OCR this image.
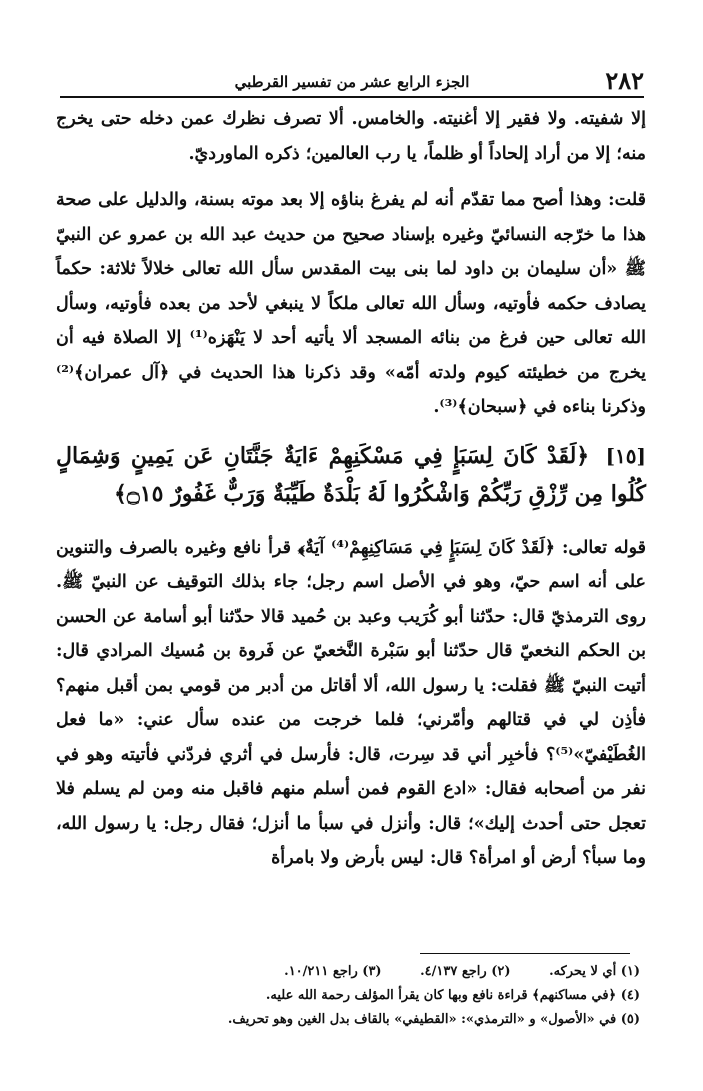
٢٨٢
الجزء الرابع عشر من تفسير القرطبي

إلا شفيته. ولا فقير إلا أغنيته. والخامس. ألا تصرف نظرك عمن دخله حتى يخرج منه؛ إلا من أراد إلحاداً أو ظلماً، يا رب العالمين؛ ذكره الماورديّ.

قلت: وهذا أصح مما تقدّم أنه لم يفرغ بناؤه إلا بعد موته بسنة، والدليل على صحة هذا ما خرّجه النسائيّ وغيره بإسناد صحيح من حديث عبد الله بن عمرو عن النبيّ ﷺ «أن سليمان بن داود لما بنى بيت المقدس سأل الله تعالى خلالاً ثلاثة: حكماً يصادف حكمه فأوتيه، وسأل الله تعالى ملكاً لا ينبغي لأحد من بعده فأوتيه، وسأل الله تعالى حين فرغ من بنائه المسجد ألا يأتيه أحد لا يَنْهَزه⁽¹⁾ إلا الصلاة فيه أن يخرج من خطيئته كيوم ولدته أمّه» وقد ذكرنا هذا الحديث في ﴿آل عمران﴾⁽²⁾ وذكرنا بناءه في ﴿سبحان﴾⁽³⁾.

[١٥] ﴿لَقَدْ كَانَ لِسَبَإٍ فِي مَسْكَنِهِمْ ءَايَةٌ جَنَّتَانِ عَن يَمِينٍ وَشِمَالٍ كُلُوا مِن رِّزْقِ رَبِّكُمْ وَاشْكُرُوا لَهُ بَلْدَةٌ طَيِّبَةٌ وَرَبٌّ غَفُورٌ ۝١٥﴾

قوله تعالى: ﴿لَقَدْ كَانَ لِسَبَإٍ فِي مَسَاكِنِهِمْ⁽⁴⁾ آيَةٌ﴾ قرأ نافع وغيره بالصرف والتنوين على أنه اسم حيّ، وهو في الأصل اسم رجل؛ جاء بذلك التوقيف عن النبيّ ﷺ. روى الترمذيّ قال: حدّثنا أبو كُرَيب وعبد بن حُميد قالا حدّثنا أبو أسامة عن الحسن بن الحكم النخعيّ قال حدّثنا أبو سَبْرة النَّخعيّ عن فَروة بن مُسيك المرادي قال: أتيت النبيّ ﷺ فقلت: يا رسول الله، ألا أقاتل من أدبر من قومي بمن أقبل منهم؟ فأذِن لي في قتالهم وأمّرني؛ فلما خرجت من عنده سأل عني: «ما فعل الغُطَيْفيّ»⁽⁵⁾؟ فأخبِر أني قد سِرت، قال: فأرسل في أثري فردّني فأتيته وهو في نفر من أصحابه فقال: «ادع القوم فمن أسلم منهم فاقبل منه ومن لم يسلم فلا تعجل حتى أحدث إليك»؛ قال: وأنزل في سبأ ما أنزل؛ فقال رجل: يا رسول الله، وما سبأ؟ أرض أو امرأة؟ قال: ليس بأرض ولا بامرأة

(١) أي لا يحركه. (٢) راجع ٤/١٣٧. (٣) راجع ١٠/٢١١.
(٤) ﴿في مساكنهم﴾ قراءة نافع وبها كان يقرأ المؤلف رحمة الله عليه.
(٥) في «الأصول» و «الترمذي»: «القطيفي» بالقاف بدل الغين وهو تحريف.
